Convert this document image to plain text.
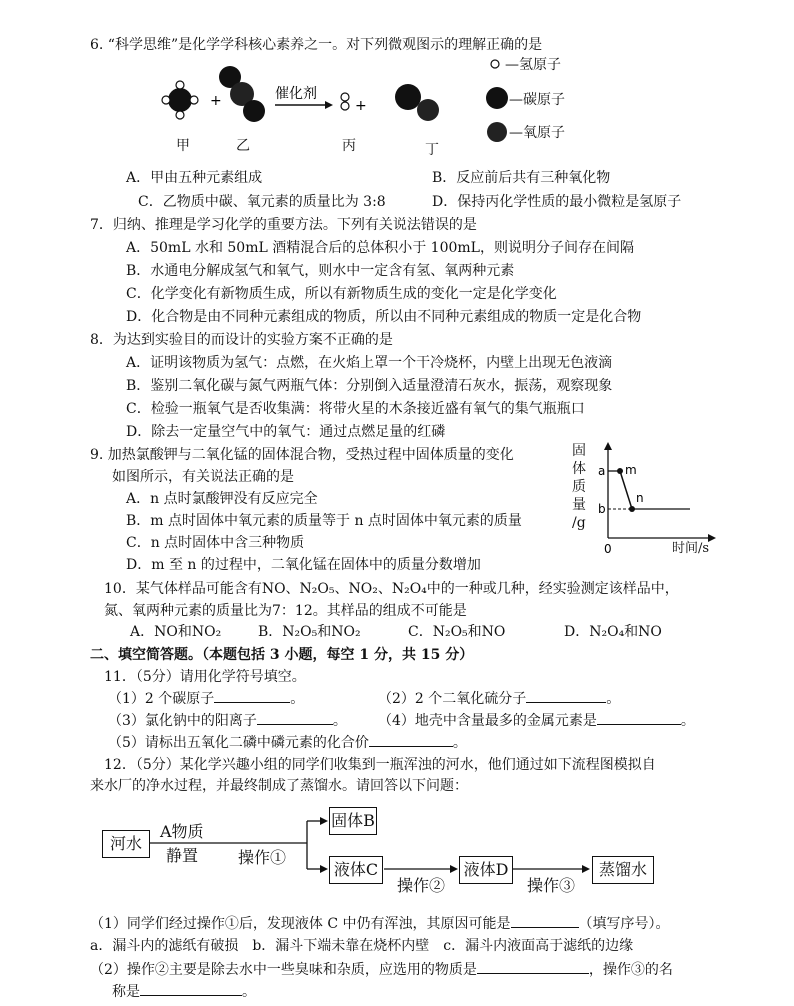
6. “科学思维”是化学学科核心素养之一。对下列微观图示的理解正确的是
+	催化剂
+
甲	乙	丙	丁
—氢原子
—碳原子
—氧原子
A．甲由五种元素组成	B．反应前后共有三种氧化物
C．乙物质中碳、氧元素的质量比为 3:8	D．保持丙化学性质的最小微粒是氢原子
7．归纳、推理是学习化学的重要方法。下列有关说法错误的是
A．50mL 水和 50mL 酒精混合后的总体积小于 100mL，则说明分子间存在间隔
B．水通电分解成氢气和氧气，则水中一定含有氢、氧两种元素
C．化学变化有新物质生成，所以有新物质生成的变化一定是化学变化
D．化合物是由不同种元素组成的物质，所以由不同种元素组成的物质一定是化合物
8．为达到实验目的而设计的实验方案不正确的是
A．证明该物质为氢气：点燃，在火焰上罩一个干冷烧杯，内壁上出现无色液滴
B．鉴别二氧化碳与氮气两瓶气体：分别倒入适量澄清石灰水，振荡，观察现象
C．检验一瓶氧气是否收集满：将带火星的木条接近盛有氧气的集气瓶瓶口
D．除去一定量空气中的氧气：通过点燃足量的红磷
9. 加热氯酸钾与二氧化锰的固体混合物，受热过程中固体质量的变化
如图所示，有关说法正确的是
A．n 点时氯酸钾没有反应完全
B．m 点时固体中氧元素的质量等于 n 点时固体中氧元素的质量
C．n 点时固体中含三种物质
D．m 至 n 的过程中，二氧化锰在固体中的质量分数增加
固
体
质
量
/g
a
b
m
n
0	时间/s
10．某气体样品可能含有NO、N₂O₅、NO₂、N₂O₄中的一种或几种，经实验测定该样品中，
氮、氧两种元素的质量比为7：12。其样品的组成不可能是
A．NO和NO₂	B．N₂O₅和NO₂	C．N₂O₅和NO	D．N₂O₄和NO
二、填空简答题。（本题包括 3 小题，每空 1 分，共 15 分）
11．（5分）请用化学符号填空。
（1）2 个碳原子	。	（2）2 个二氧化硫分子	。
（3）氯化钠中的阳离子	。 （4）地壳中含量最多的金属元素是	。
（5）请标出五氧化二磷中磷元素的化合价	。
12．（5分）某化学兴趣小组的同学们收集到一瓶浑浊的河水，他们通过如下流程图模拟自
来水厂的净水过程，并最终制成了蒸馏水。请回答以下问题：
河水
A物质
静置 操作①
固体B
液体C
操作②
液体D
操作③
蒸馏水
（1）同学们经过操作①后，发现液体 C 中仍有浑浊，其原因可能是	（填写序号）。
a．漏斗内的滤纸有破损　b．漏斗下端未靠在烧杯内壁　c．漏斗内液面高于滤纸的边缘
（2）操作②主要是除去水中一些臭味和杂质，应选用的物质是	，操作③的名
称是	。
